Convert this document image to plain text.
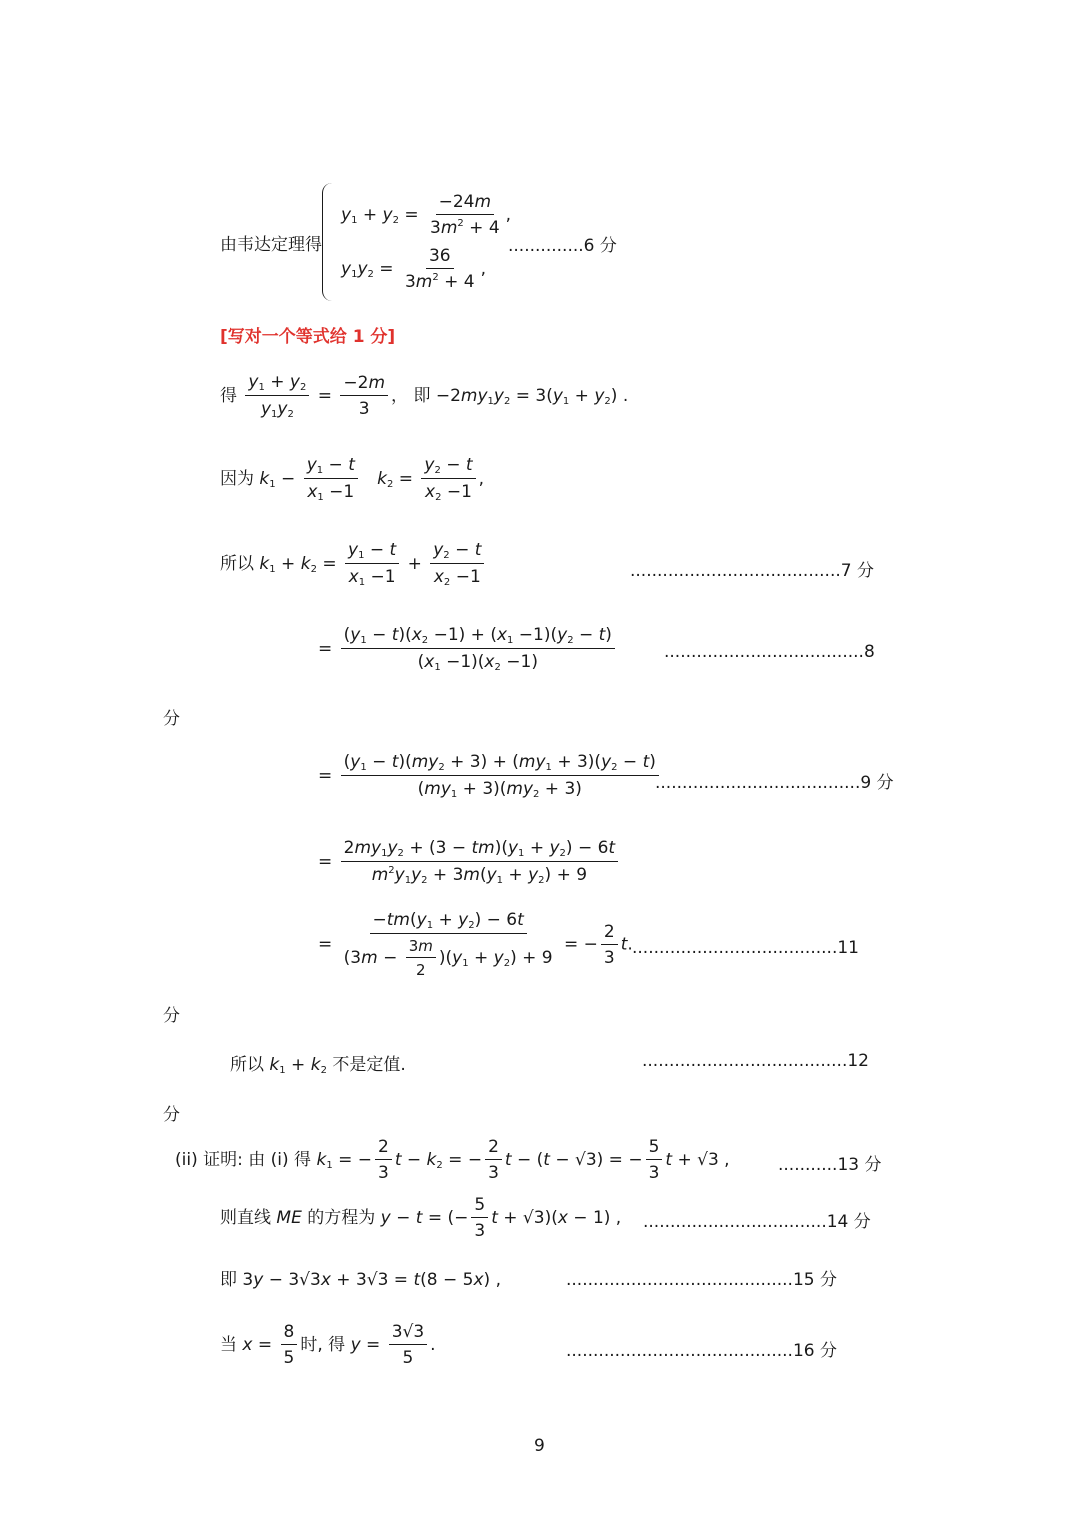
由韦达定理得
$y_1 + y_2 = \frac{-24m}{3m^2 + 4}$ ,
$y_1y_2 = \frac{36}{3m^2 + 4}$ ,
..............6 分
[写对一个等式给 1 分]
得 $\frac{y_1 + y_2}{y_1y_2} = \frac{-2m}{3}$ ， 即 $-2my_1y_2 = 3(y_1 + y_2)$ .
因为 $k_1 - \frac{y_1 - t}{x_1 -1} k_2 = \frac{y_2 - t}{x_2 -1}$ ,
所以 $k_1 + k_2 = \frac{y_1 - t}{x_1 -1} + \frac{y_2 - t}{x_2 -1}$	.......................................7 分
= $\frac{(y_1 - t)(x_2 -1) + (x_1 -1)(y_2 - t)}{(x_1 -1)(x_2 -1)}$	.....................................8
分
= $\frac{(y_1 - t)(my_2 + 3) + (my_1 + 3)(y_2 - t)}{(my_1 + 3)(my_2 + 3)}$
......................................9 分
= $\frac{2my_1y_2 + (3 - tm)(y_1 + y_2) - 6t}{m^2y_1y_2 + 3m(y_1 + y_2) + 9}$
= $\frac{-tm(y_1 + y_2) - 6t}{(3m - \frac{3m}{2} )(y_1 + y_2) + 9}$ = − $\frac{2}{3} t$. ......................................11
分
所以 $k_1 + k_2$ 不是定值.	......................................12
分
(ii) 证明: 由 (i) 得 $k_1$ = − $\frac{2}{3}$ $t - k_2$ = − $\frac{2}{3}$ t − (t − √3) = − $\frac{5}{3}$ t + √3 ,	...........13 分
则直线 ME 的方程为 y − t = (− $\frac{5}{3}$ t + √3)(x − 1) , ..................................14 分
即 3y − 3√3x + 3√3 = t(8 − 5x) ,	..........................................15 分
当 $x = \frac{8}{5}$ 时, 得 $y = \frac{3√3}{5}$ .	..........................................16 分
9
